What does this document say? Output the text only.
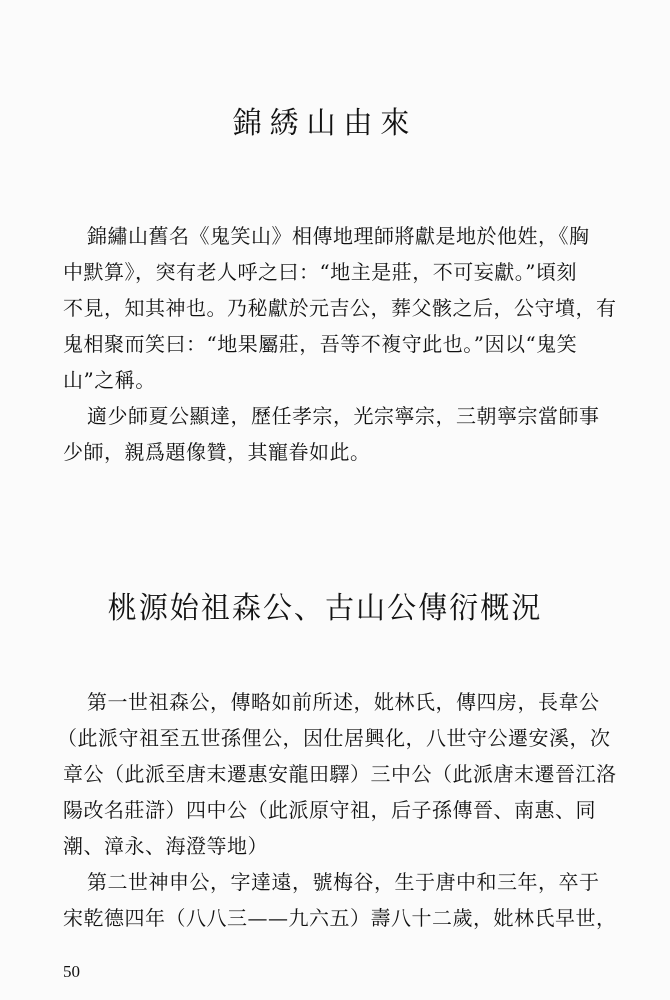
錦綉山由來

錦繡山舊名《鬼笑山》相傳地理師將獻是地於他姓，《胸

中默算》，突有老人呼之曰：“地主是莊，不可妄獻。”頃刻

不見，知其神也。乃秘獻於元吉公，葬父骸之后，公守墳，有

鬼相聚而笑曰：“地果屬莊，吾等不複守此也。”因以“鬼笑

山”之稱。

適少師夏公顯達，歷任孝宗，光宗寧宗，三朝寧宗當師事

少師，親爲題像贊，其寵眷如此。

桃源始祖森公、古山公傳衍概況

第一世祖森公，傳略如前所述，妣林氏，傳四房，長韋公

（此派守祖至五世孫俚公，因仕居興化，八世守公遷安溪，次

章公（此派至唐末遷惠安龍田驛）三中公（此派唐末遷晉江洛

陽改名莊滸）四中公（此派原守祖，后子孫傳晉、南惠、同

潮、漳永、海澄等地）

第二世神申公，字達遠，號梅谷，生于唐中和三年，卒于

宋乾德四年（八八三——九六五）壽八十二歲，妣林氏早世，

50
